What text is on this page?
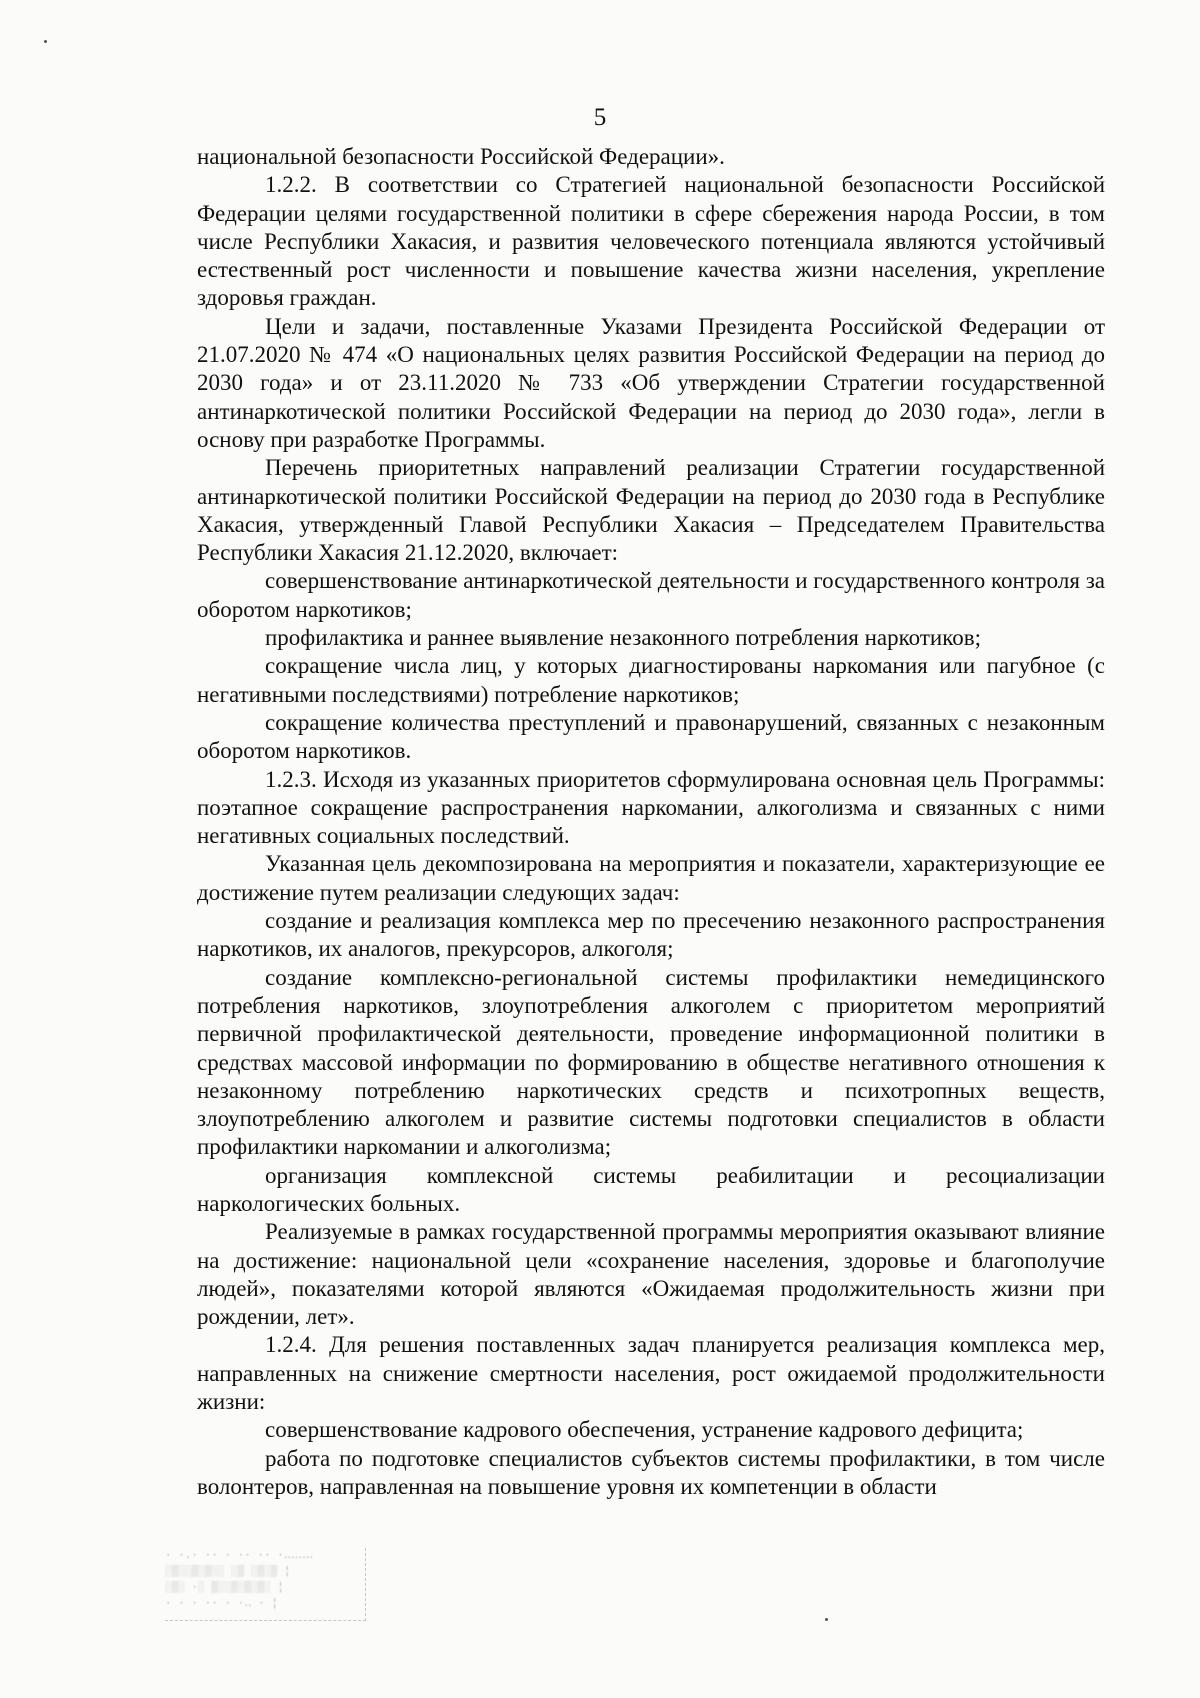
5

национальной безопасности Российской Федерации».

1.2.2. В соответствии со Стратегией национальной безопасности Российской Федерации целями государственной политики в сфере сбережения народа России, в том числе Республики Хакасия, и развития человеческого потенциала являются устойчивый естественный рост численности и повышение качества жизни населения, укрепление здоровья граждан.

Цели и задачи, поставленные Указами Президента Российской Федерации от 21.07.2020 № 474 «О национальных целях развития Российской Федерации на период до 2030 года» и от 23.11.2020 № 733 «Об утверждении Стратегии государственной антинаркотической политики Российской Федерации на период до 2030 года», легли в основу при разработке Программы.

Перечень приоритетных направлений реализации Стратегии государственной антинаркотической политики Российской Федерации на период до 2030 года в Республике Хакасия, утвержденный Главой Республики Хакасия – Председателем Правительства Республики Хакасия 21.12.2020, включает:

совершенствование антинаркотической деятельности и государственного контроля за оборотом наркотиков;

профилактика и раннее выявление незаконного потребления наркотиков;

сокращение числа лиц, у которых диагностированы наркомания или пагубное (с негативными последствиями) потребление наркотиков;

сокращение количества преступлений и правонарушений, связанных с незаконным оборотом наркотиков.

1.2.3. Исходя из указанных приоритетов сформулирована основная цель Программы: поэтапное сокращение распространения наркомании, алкоголизма и связанных с ними негативных социальных последствий.

Указанная цель декомпозирована на мероприятия и показатели, характеризующие ее достижение путем реализации следующих задач:

создание и реализация комплекса мер по пресечению незаконного распространения наркотиков, их аналогов, прекурсоров, алкоголя;

создание комплексно-региональной системы профилактики немедицинского потребления наркотиков, злоупотребления алкоголем с приоритетом мероприятий первичной профилактической деятельности, проведение информационной политики в средствах массовой информации по формированию в обществе негативного отношения к незаконному потреблению наркотических средств и психотропных веществ, злоупотреблению алкоголем и развитие системы подготовки специалистов в области профилактики наркомании и алкоголизма;

организация комплексной системы реабилитации и ресоциализации наркологических больных.

Реализуемые в рамках государственной программы мероприятия оказывают влияние на достижение: национальной цели «сохранение населения, здоровье и благополучие людей», показателями которой являются «Ожидаемая продолжительность жизни при рождении, лет».

1.2.4. Для решения поставленных задач планируется реализация комплекса мер, направленных на снижение смертности населения, рост ожидаемой продолжительности жизни:

совершенствование кадрового обеспечения, устранение кадрового дефицита;

работа по подготовке специалистов субъектов системы профилактики, в том числе волонтеров, направленная на повышение уровня их компетенции в области

· ·.· ·· · ·· ·· ·‥‥‥‥
░▒░░▒░▒░░ ░▒ ░▒░▒ ¦
░▒░ ·░ ▒░░▒░▒░▒░ ¦
· · · ·· · ·‥ · ¦
